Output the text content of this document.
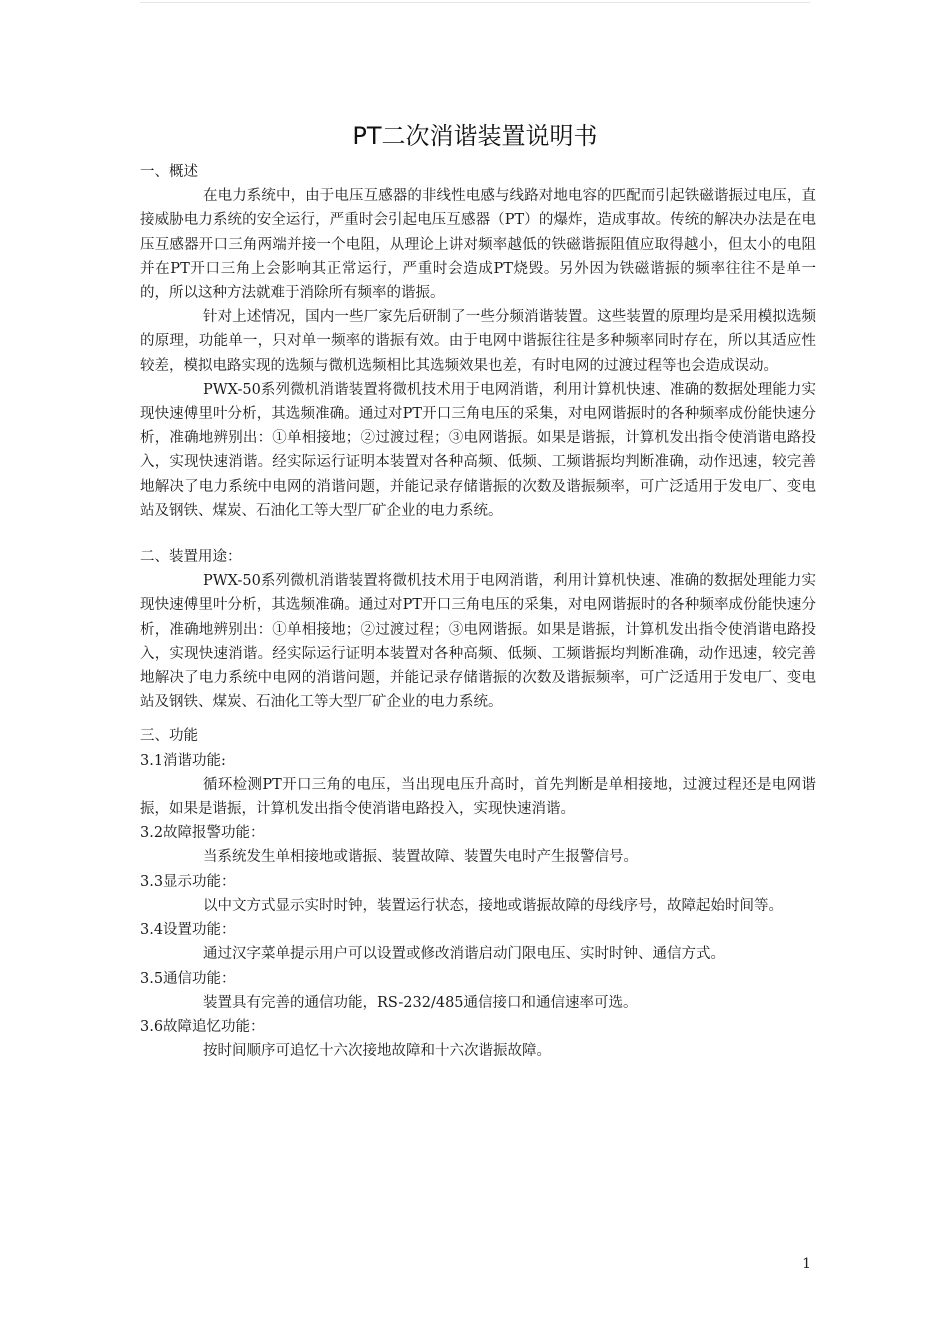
PT二次消谐装置说明书

一、概述

在电力系统中，由于电压互感器的非线性电感与线路对地电容的匹配而引起铁磁谐振过电压，直接威胁电力系统的安全运行，严重时会引起电压互感器（PT）的爆炸，造成事故。传统的解决办法是在电压互感器开口三角两端并接一个电阻，从理论上讲对频率越低的铁磁谐振阻值应取得越小，但太小的电阻并在PT开口三角上会影响其正常运行，严重时会造成PT烧毁。另外因为铁磁谐振的频率往往不是单一的，所以这种方法就难于消除所有频率的谐振。

针对上述情况，国内一些厂家先后研制了一些分频消谐装置。这些装置的原理均是采用模拟选频的原理，功能单一，只对单一频率的谐振有效。由于电网中谐振往往是多种频率同时存在，所以其适应性较差，模拟电路实现的选频与微机选频相比其选频效果也差，有时电网的过渡过程等也会造成误动。

PWX-50系列微机消谐装置将微机技术用于电网消谐，利用计算机快速、准确的数据处理能力实现快速傅里叶分析，其选频准确。通过对PT开口三角电压的采集，对电网谐振时的各种频率成份能快速分析，准确地辨别出：①单相接地；②过渡过程；③电网谐振。如果是谐振，计算机发出指令使消谐电路投入，实现快速消谐。经实际运行证明本装置对各种高频、低频、工频谐振均判断准确，动作迅速，较完善地解决了电力系统中电网的消谐问题，并能记录存储谐振的次数及谐振频率，可广泛适用于发电厂、变电站及钢铁、煤炭、石油化工等大型厂矿企业的电力系统。

二、装置用途：

PWX-50系列微机消谐装置将微机技术用于电网消谐，利用计算机快速、准确的数据处理能力实现快速傅里叶分析，其选频准确。通过对PT开口三角电压的采集，对电网谐振时的各种频率成份能快速分析，准确地辨别出：①单相接地；②过渡过程；③电网谐振。如果是谐振，计算机发出指令使消谐电路投入，实现快速消谐。经实际运行证明本装置对各种高频、低频、工频谐振均判断准确，动作迅速，较完善地解决了电力系统中电网的消谐问题，并能记录存储谐振的次数及谐振频率，可广泛适用于发电厂、变电站及钢铁、煤炭、石油化工等大型厂矿企业的电力系统。

三、功能

3.1消谐功能:

循环检测PT开口三角的电压，当出现电压升高时，首先判断是单相接地，过渡过程还是电网谐振，如果是谐振，计算机发出指令使消谐电路投入，实现快速消谐。

3.2故障报警功能：

当系统发生单相接地或谐振、装置故障、装置失电时产生报警信号。

3.3显示功能：

以中文方式显示实时时钟，装置运行状态，接地或谐振故障的母线序号，故障起始时间等。

3.4设置功能：

通过汉字菜单提示用户可以设置或修改消谐启动门限电压、实时时钟、通信方式。

3.5通信功能：

装置具有完善的通信功能，RS-232/485通信接口和通信速率可选。

3.6故障追忆功能：

按时间顺序可追忆十六次接地故障和十六次谐振故障。

1
